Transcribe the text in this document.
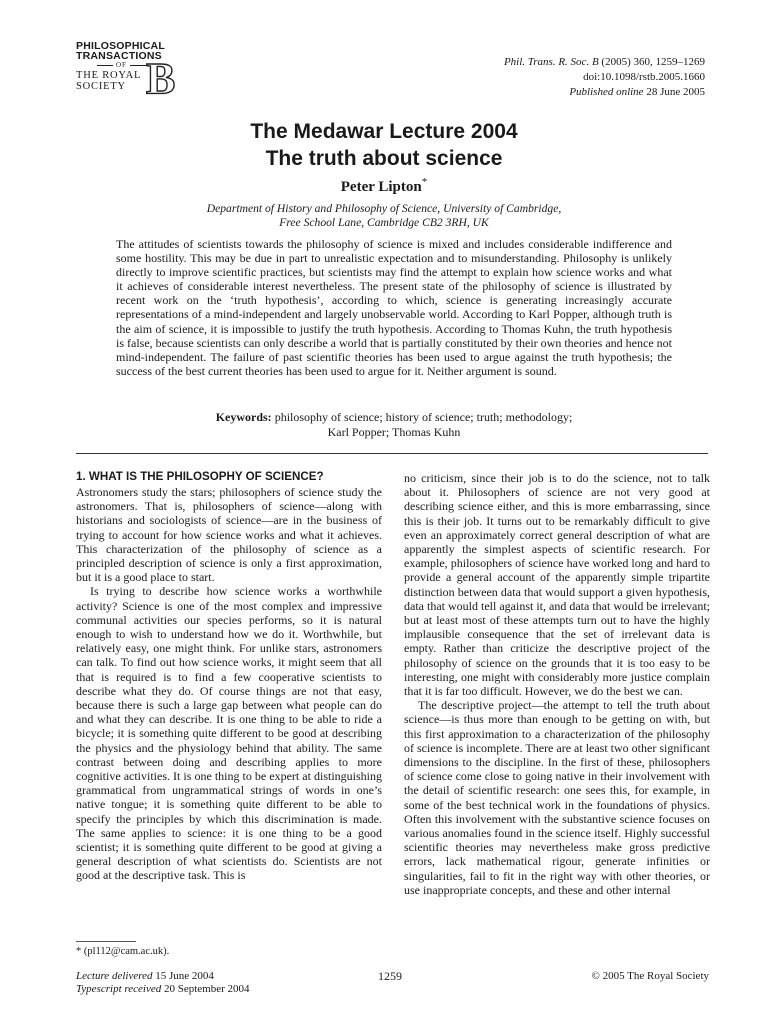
PHILOSOPHICAL
TRANSACTIONS
OF
THE ROYAL
SOCIETY B	Phil. Trans. R. Soc. B (2005) 360, 1259–1269
doi:10.1098/rstb.2005.1660
Published online 28 June 2005
The Medawar Lecture 2004
The truth about science
Peter Lipton*
Department of History and Philosophy of Science, University of Cambridge,
Free School Lane, Cambridge CB2 3RH, UK

The attitudes of scientists towards the philosophy of science is mixed and includes considerable indifference and some hostility. This may be due in part to unrealistic expectation and to misunderstanding. Philosophy is unlikely directly to improve scientific practices, but scientists may find the attempt to explain how science works and what it achieves of considerable interest nevertheless. The present state of the philosophy of science is illustrated by recent work on the ‘truth hypothesis’, according to which, science is generating increasingly accurate representations of a mind-independent and largely unobservable world. According to Karl Popper, although truth is the aim of science, it is impossible to justify the truth hypothesis. According to Thomas Kuhn, the truth hypothesis is false, because scientists can only describe a world that is partially constituted by their own theories and hence not mind-independent. The failure of past scientific theories has been used to argue against the truth hypothesis; the success of the best current theories has been used to argue for it. Neither argument is sound.

Keywords: philosophy of science; history of science; truth; methodology;
Karl Popper; Thomas Kuhn
1. WHAT IS THE PHILOSOPHY OF SCIENCE?

Astronomers study the stars; philosophers of science study the astronomers. That is, philosophers of science—along with historians and sociologists of science—are in the business of trying to account for how science works and what it achieves. This characterization of the philosophy of science as a principled description of science is only a first approximation, but it is a good place to start.

Is trying to describe how science works a worthwhile activity? Science is one of the most complex and impressive communal activities our species performs, so it is natural enough to wish to understand how we do it. Worthwhile, but relatively easy, one might think. For unlike stars, astronomers can talk. To find out how science works, it might seem that all that is required is to find a few cooperative scientists to describe what they do. Of course things are not that easy, because there is such a large gap between what people can do and what they can describe. It is one thing to be able to ride a bicycle; it is something quite different to be good at describing the physics and the physiology behind that ability. The same contrast between doing and describing applies to more cognitive activities. It is one thing to be expert at distinguishing grammatical from ungrammatical strings of words in one’s native tongue; it is something quite different to be able to specify the principles by which this discrimination is made. The same applies to science: it is one thing to be a good scientist; it is something quite different to be good at giving a general description of what scientists do. Scientists are not good at the descriptive task. This is

no criticism, since their job is to do the science, not to talk about it. Philosophers of science are not very good at describing science either, and this is more embarrassing, since this is their job. It turns out to be remarkably difficult to give even an approximately correct general description of what are apparently the simplest aspects of scientific research. For example, philosophers of science have worked long and hard to provide a general account of the apparently simple tripartite distinction between data that would support a given hypothesis, data that would tell against it, and data that would be irrelevant; but at least most of these attempts turn out to have the highly implausible consequence that the set of irrelevant data is empty. Rather than criticize the descriptive project of the philosophy of science on the grounds that it is too easy to be interesting, one might with considerably more justice complain that it is far too difficult. However, we do the best we can.

The descriptive project—the attempt to tell the truth about science—is thus more than enough to be getting on with, but this first approximation to a characterization of the philosophy of science is incomplete. There are at least two other significant dimensions to the discipline. In the first of these, philosophers of science come close to going native in their involvement with the detail of scientific research: one sees this, for example, in some of the best technical work in the foundations of physics. Often this involvement with the substantive science focuses on various anomalies found in the science itself. Highly successful scientific theories may nevertheless make gross predictive errors, lack mathematical rigour, generate infinities or singularities, fail to fit in the right way with other theories, or use inappropriate concepts, and these and other internal

* (pl112@cam.ac.uk).
Lecture delivered 15 June 2004
Typescript received 20 September 2004
1259	© 2005 The Royal Society
